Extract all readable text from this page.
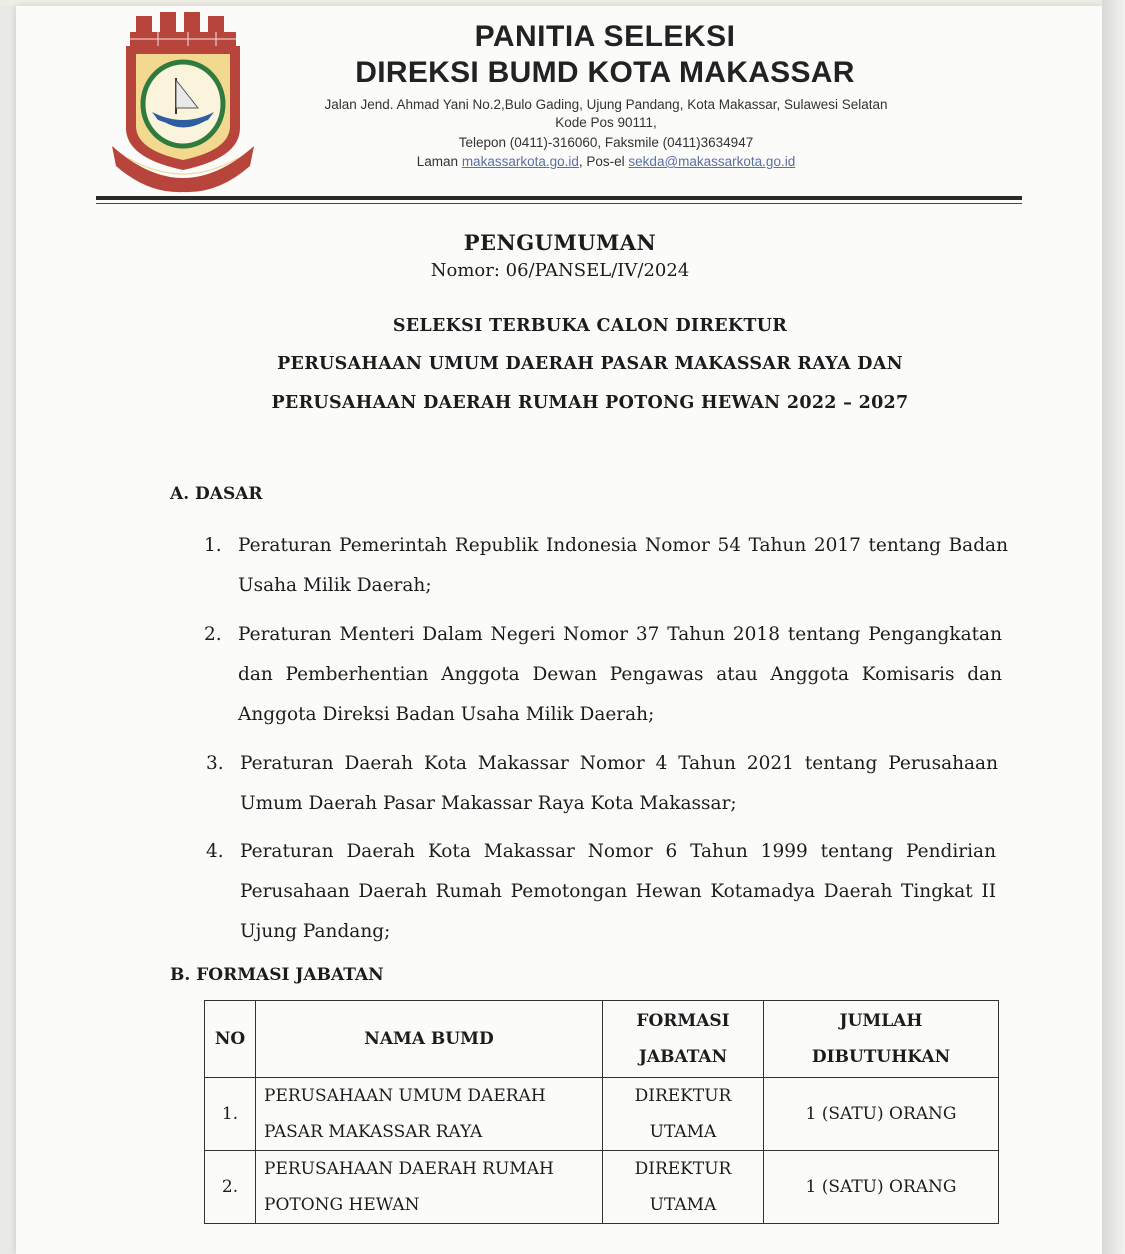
PANITIA SELEKSI
DIREKSI BUMD KOTA MAKASSAR
Jalan Jend. Ahmad Yani No.2,Bulo Gading, Ujung Pandang, Kota Makassar, Sulawesi Selatan
Kode Pos 90111,
Telepon (0411)-316060, Faksmile (0411)3634947
Laman makassarkota.go.id, Pos-el sekda@makassarkota.go.id
PENGUMUMAN
Nomor: 06/PANSEL/IV/2024
SELEKSI TERBUKA CALON DIREKTUR
PERUSAHAAN UMUM DAERAH PASAR MAKASSAR RAYA DAN
PERUSAHAAN DAERAH RUMAH POTONG HEWAN 2022 – 2027
A. DASAR
1. Peraturan Pemerintah Republik Indonesia Nomor 54 Tahun 2017 tentang Badan Usaha Milik Daerah;
2. Peraturan Menteri Dalam Negeri Nomor 37 Tahun 2018 tentang Pengangkatan dan Pemberhentian Anggota Dewan Pengawas atau Anggota Komisaris dan Anggota Direksi Badan Usaha Milik Daerah;
3. Peraturan Daerah Kota Makassar Nomor 4 Tahun 2021 tentang Perusahaan Umum Daerah Pasar Makassar Raya Kota Makassar;
4. Peraturan Daerah Kota Makassar Nomor 6 Tahun 1999 tentang Pendirian Perusahaan Daerah Rumah Pemotongan Hewan Kotamadya Daerah Tingkat II Ujung Pandang;
B. FORMASI JABATAN
NO	NAMA BUMD	FORMASI JABATAN	JUMLAH DIBUTUHKAN
1.	PERUSAHAAN UMUM DAERAH PASAR MAKASSAR RAYA	DIREKTUR UTAMA	1 (SATU) ORANG
2.	PERUSAHAAN DAERAH RUMAH POTONG HEWAN	DIREKTUR UTAMA	1 (SATU) ORANG
